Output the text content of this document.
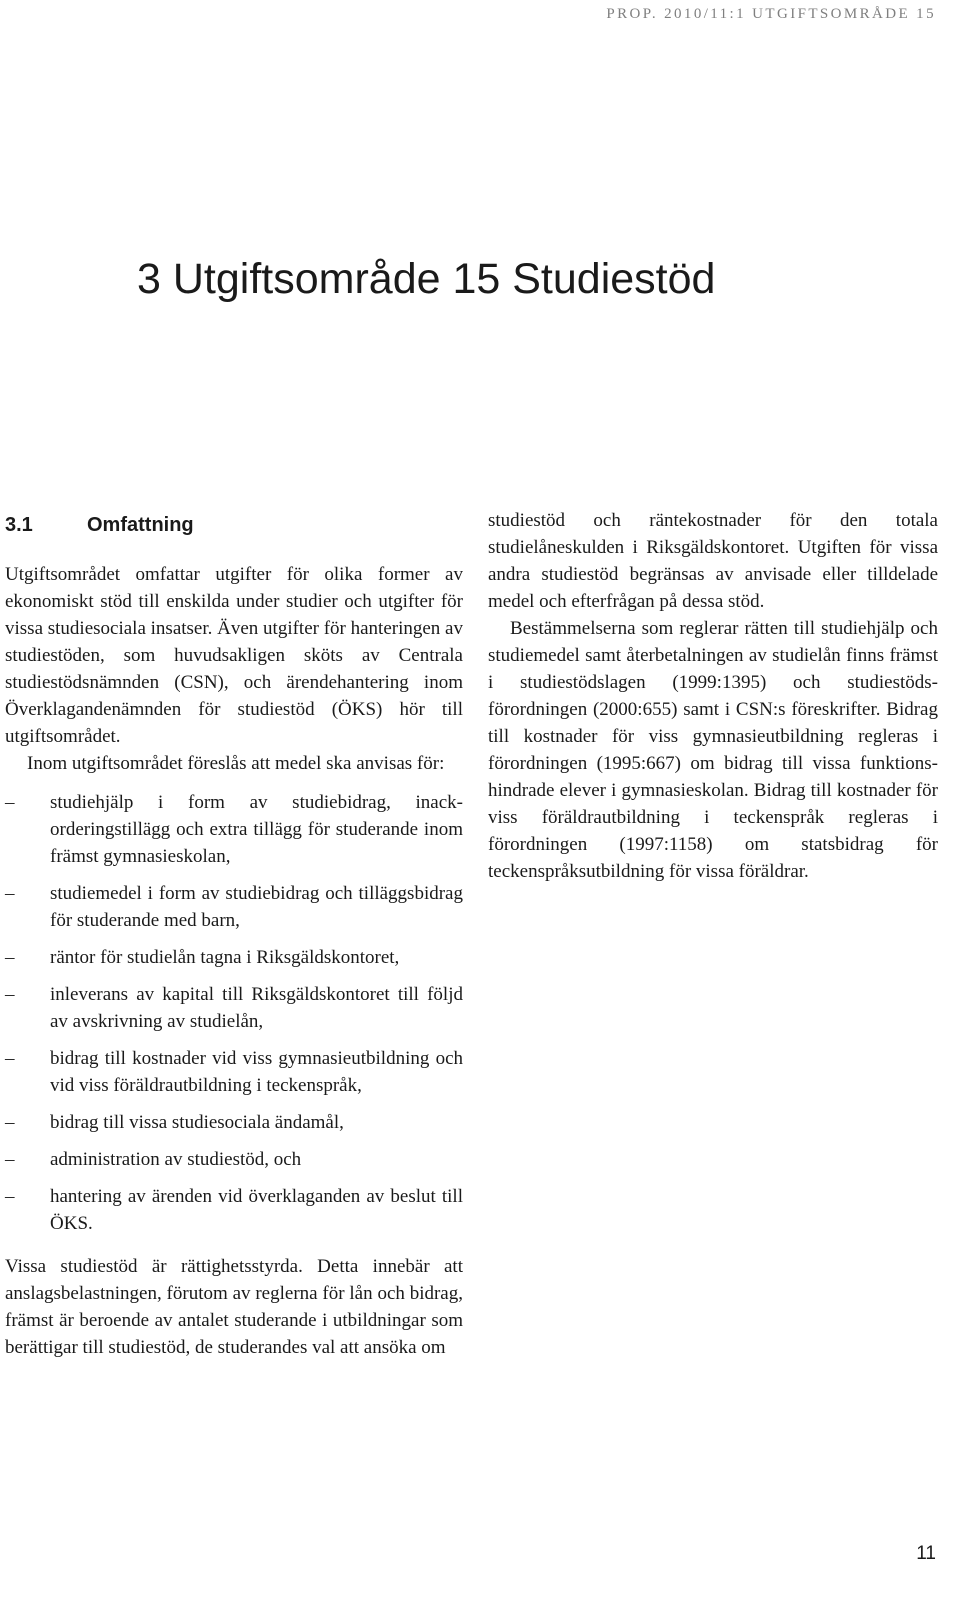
PROP. 2010/11:1 UTGIFTSOMRÅDE 15
3 Utgiftsområde 15 Studiestöd
3.1	Omfattning

Utgiftsområdet omfattar utgifter för olika former av ekonomiskt stöd till enskilda under studier och utgifter för vissa studiesociala insatser. Även utgifter för hanteringen av studiestöden, som huvudsakligen sköts av Centrala studiestödsnämnden (CSN), och ärendehantering inom Överklagandenämnden för studiestöd (ÖKS) hör till utgiftsområdet.

Inom utgiftsområdet föreslås att medel ska anvisas för:

– studiehjälp i form av studiebidrag, inackorderingstillägg och extra tillägg för studerande inom främst gymnasieskolan,
– studiemedel i form av studiebidrag och tilläggsbidrag för studerande med barn,
– räntor för studielån tagna i Riksgäldskontoret,
– inleverans av kapital till Riksgäldskontoret till följd av avskrivning av studielån,
– bidrag till kostnader vid viss gymnasieutbildning och vid viss föräldrautbildning i teckenspråk,
– bidrag till vissa studiesociala ändamål,
– administration av studiestöd, och
– hantering av ärenden vid överklaganden av beslut till ÖKS.

Vissa studiestöd är rättighetsstyrda. Detta innebär att anslagsbelastningen, förutom av reglerna för lån och bidrag, främst är beroende av antalet studerande i utbildningar som berättigar till studiestöd, de studerandes val att ansöka om

studiestöd och räntekostnader för den totala studielåneskulden i Riksgäldskontoret. Utgiften för vissa andra studiestöd begränsas av anvisade eller tilldelade medel och efterfrågan på dessa stöd.

Bestämmelserna som reglerar rätten till studiehjälp och studiemedel samt återbetalningen av studielån finns främst i studiestödslagen (1999:1395) och studiestödsförordningen (2000:655) samt i CSN:s föreskrifter. Bidrag till kostnader för viss gymnasieutbildning regleras i förordningen (1995:667) om bidrag till vissa funktionshindrade elever i gymnasieskolan. Bidrag till kostnader för viss föräldrautbildning i teckenspråk regleras i förordningen (1997:1158) om statsbidrag för teckenspråksutbildning för vissa föräldrar.

11
